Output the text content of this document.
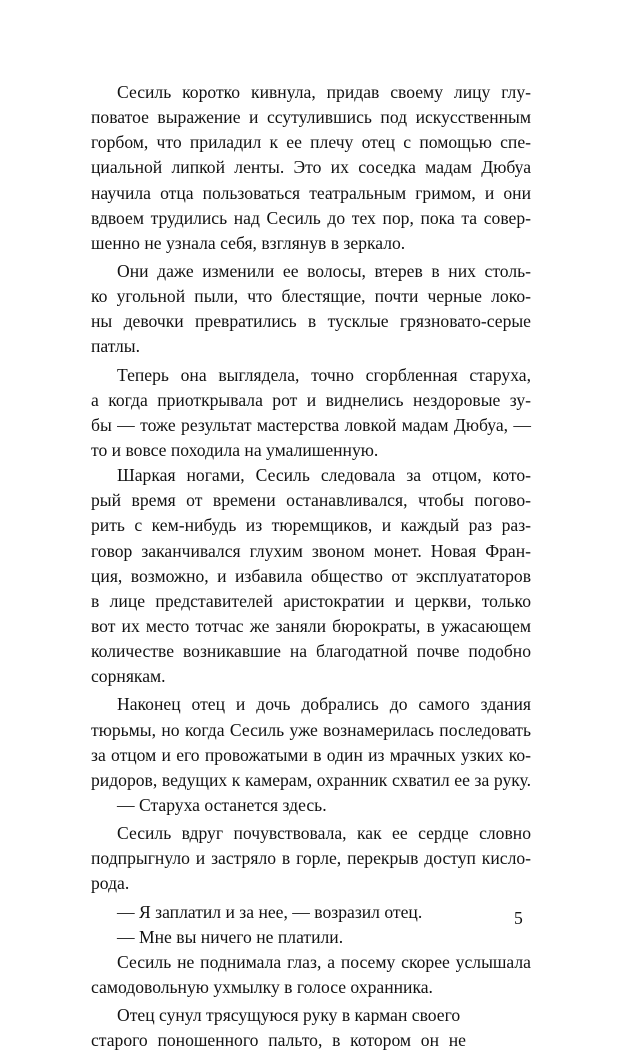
Сесиль коротко кивнула, придав своему лицу глу-
поватое выражение и ссутулившись под искусственным
горбом, что приладил к ее плечу отец с помощью спе-
циальной липкой ленты. Это их соседка мадам Дюбуа
научила отца пользоваться театральным гримом, и они
вдвоем трудились над Сесиль до тех пор, пока та совер-
шенно не узнала себя, взглянув в зеркало.
Они даже изменили ее волосы, втерев в них столь-
ко угольной пыли, что блестящие, почти черные локо-
ны девочки превратились в тусклые грязновато-серые
патлы.
Теперь она выглядела, точно сгорбленная старуха,
а когда приоткрывала рот и виднелись нездоровые зу-
бы — тоже результат мастерства ловкой мадам Дюбуа, —
то и вовсе походила на умалишенную.
Шаркая ногами, Сесиль следовала за отцом, кото-
рый время от времени останавливался, чтобы погово-
рить с кем-нибудь из тюремщиков, и каждый раз раз-
говор заканчивался глухим звоном монет. Новая Фран-
ция, возможно, и избавила общество от эксплуататоров
в лице представителей аристократии и церкви, только
вот их место тотчас же заняли бюрократы, в ужасающем
количестве возникавшие на благодатной почве подобно
сорнякам.
Наконец отец и дочь добрались до самого здания
тюрьмы, но когда Сесиль уже вознамерилась последовать
за отцом и его провожатыми в один из мрачных узких ко-
ридоров, ведущих к камерам, охранник схватил ее за руку.
— Старуха останется здесь.
Сесиль вдруг почувствовала, как ее сердце словно
подпрыгнуло и застряло в горле, перекрыв доступ кисло-
рода.
— Я заплатил и за нее, — возразил отец.
— Мне вы ничего не платили.
Сесиль не поднимала глаз, а посему скорее услышала
самодовольную ухмылку в голосе охранника.
Отец сунул трясущуюся руку в карман своего
старого поношенного пальто, в котором он не
5
